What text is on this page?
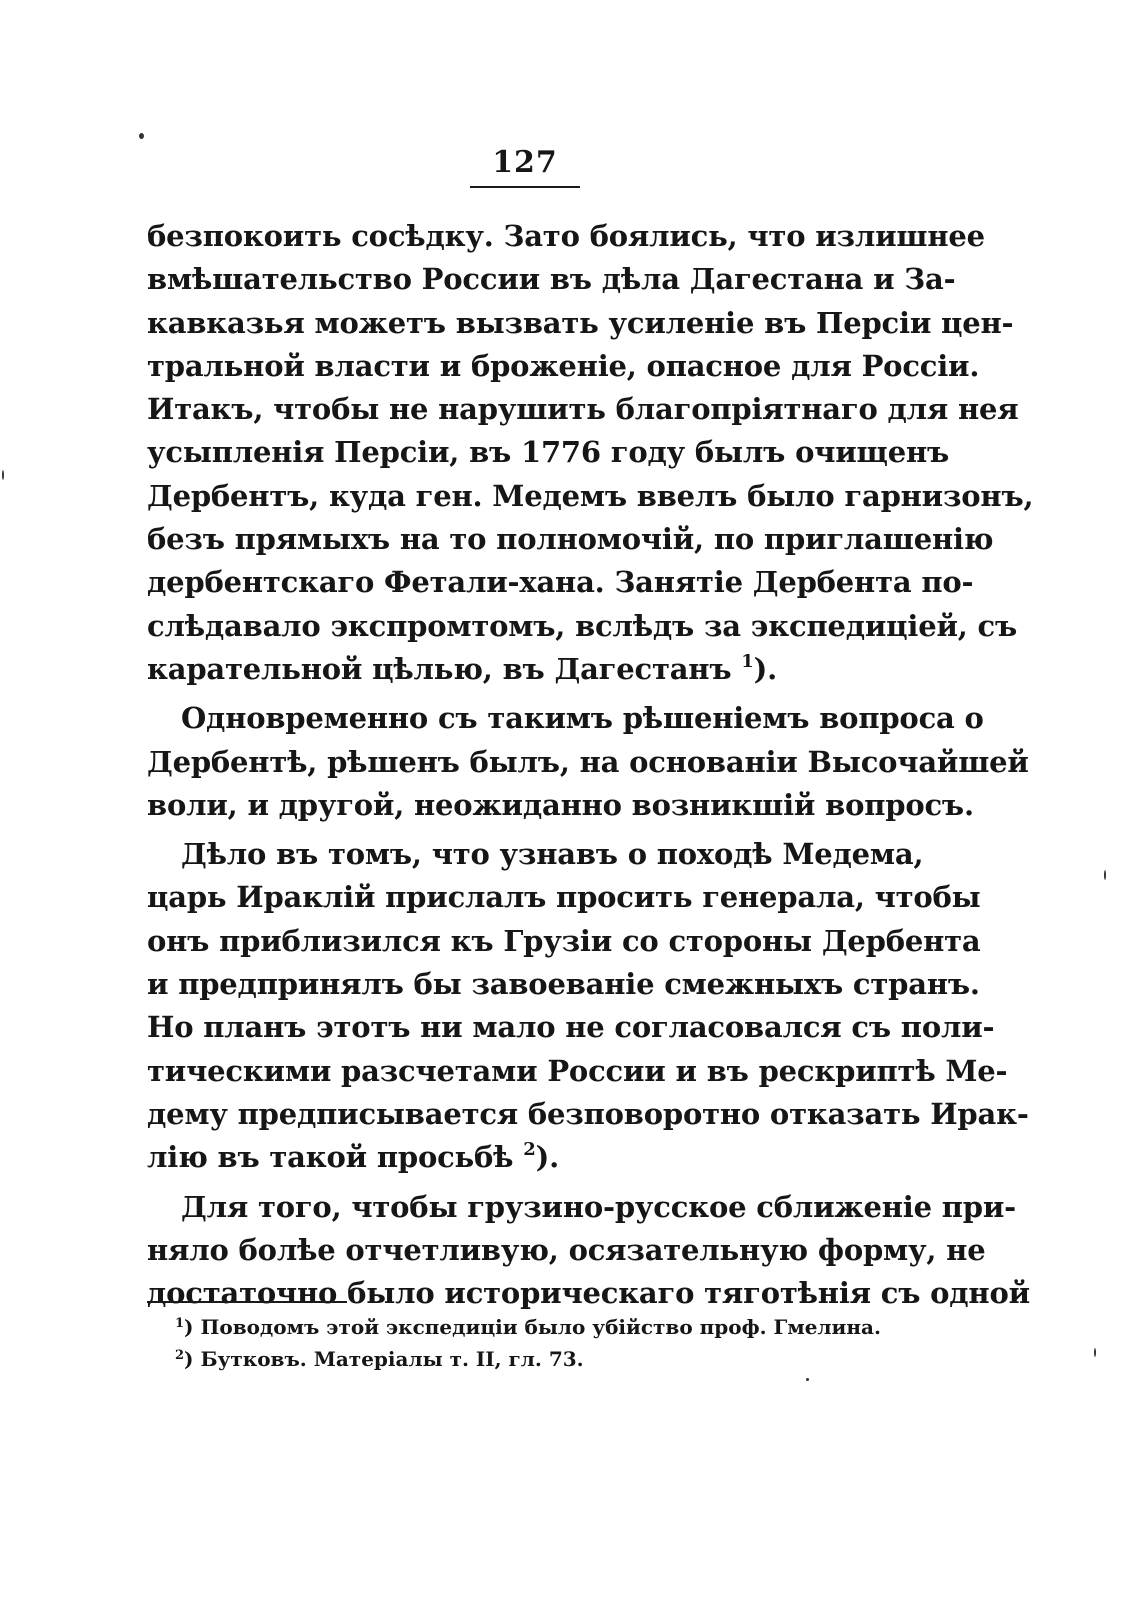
127
безпокоить сосѣдку. Зато боялись, что излишнее
вмѣшательство России въ дѣла Дагестана и За-
кавказья можетъ вызвать усиленіе въ Персіи цен-
тральной власти и броженіе, опасное для Россіи.
Итакъ, чтобы не нарушить благопріятнаго для нея
усыпленія Персіи, въ 1776 году былъ очищенъ
Дербентъ, куда ген. Медемъ ввелъ было гарнизонъ,
безъ прямыхъ на то полномочій, по приглашенію
дербентскаго Фетали-хана. Занятіе Дербента по-
слѣдавало экспромтомъ, вслѣдъ за экспедиціей, съ
карательной цѣлью, въ Дагестанъ $^1$).
Одновременно съ такимъ рѣшеніемъ вопроса о
Дербентѣ, рѣшенъ былъ, на основаніи Высочайшей
воли, и другой, неожиданно возникшій вопросъ.
Дѣло въ томъ, что узнавъ о походѣ Медема,
царь Ираклій прислалъ просить генерала, чтобы
онъ приблизился къ Грузіи со стороны Дербента
и предпринялъ бы завоеваніе смежныхъ странъ.
Но планъ этотъ ни мало не согласовался съ поли-
тическими разсчетами России и въ рескриптѣ Ме-
дему предписывается безповоротно отказать Ирак-
лію въ такой просьбѣ $^2$).
Для того, чтобы грузино-русское сближеніе при-
няло болѣе отчетливую, осязательную форму, не
достаточно было историческаго тяготѣнія съ одной
$^1$) Поводомъ этой экспедиціи было убійство проф. Гмелина.
$^2$) Бутковъ. Матеріалы т. II, гл. 73.
